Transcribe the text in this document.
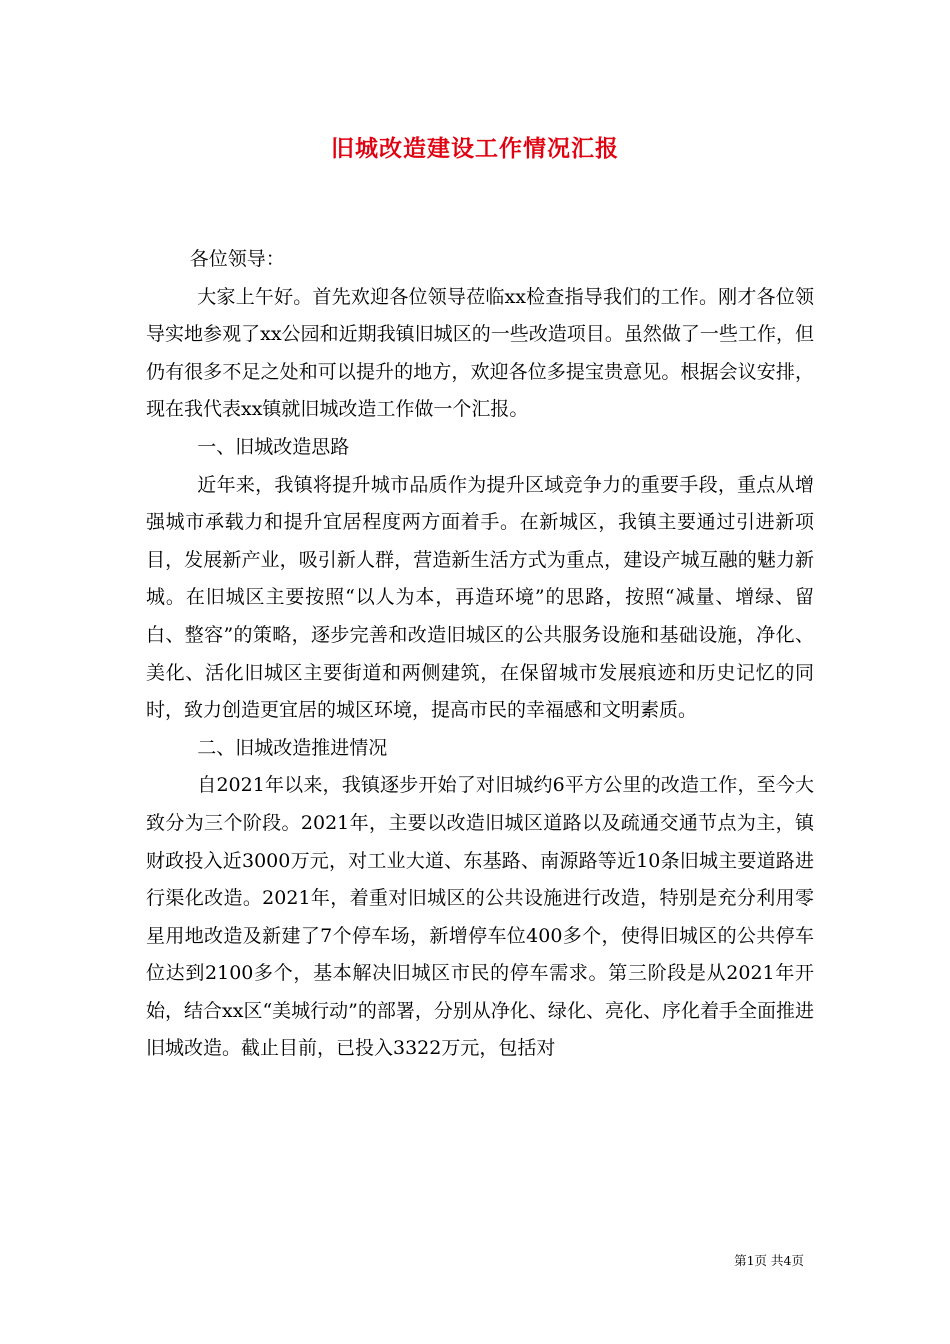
旧城改造建设工作情况汇报

各位领导：

大家上午好。首先欢迎各位领导莅临xx检查指导我们的工作。刚才各位领导实地参观了xx公园和近期我镇旧城区的一些改造项目。虽然做了一些工作，但仍有很多不足之处和可以提升的地方，欢迎各位多提宝贵意见。根据会议安排，现在我代表xx镇就旧城改造工作做一个汇报。

一、旧城改造思路

近年来，我镇将提升城市品质作为提升区域竞争力的重要手段，重点从增强城市承载力和提升宜居程度两方面着手。在新城区，我镇主要通过引进新项目，发展新产业，吸引新人群，营造新生活方式为重点，建设产城互融的魅力新城。在旧城区主要按照“以人为本，再造环境”的思路，按照“减量、增绿、留白、整容”的策略，逐步完善和改造旧城区的公共服务设施和基础设施，净化、美化、活化旧城区主要街道和两侧建筑，在保留城市发展痕迹和历史记忆的同时，致力创造更宜居的城区环境，提高市民的幸福感和文明素质。

二、旧城改造推进情况

自2021年以来，我镇逐步开始了对旧城约6平方公里的改造工作，至今大致分为三个阶段。2021年，主要以改造旧城区道路以及疏通交通节点为主，镇财政投入近3000万元，对工业大道、东基路、南源路等近10条旧城主要道路进行渠化改造。2021年，着重对旧城区的公共设施进行改造，特别是充分利用零星用地改造及新建了7个停车场，新增停车位400多个，使得旧城区的公共停车位达到2100多个，基本解决旧城区市民的停车需求。第三阶段是从2021年开始，结合xx区“美城行动”的部署，分别从净化、绿化、亮化、序化着手全面推进旧城改造。截止目前，已投入3322万元，包括对

第1页 共4页
